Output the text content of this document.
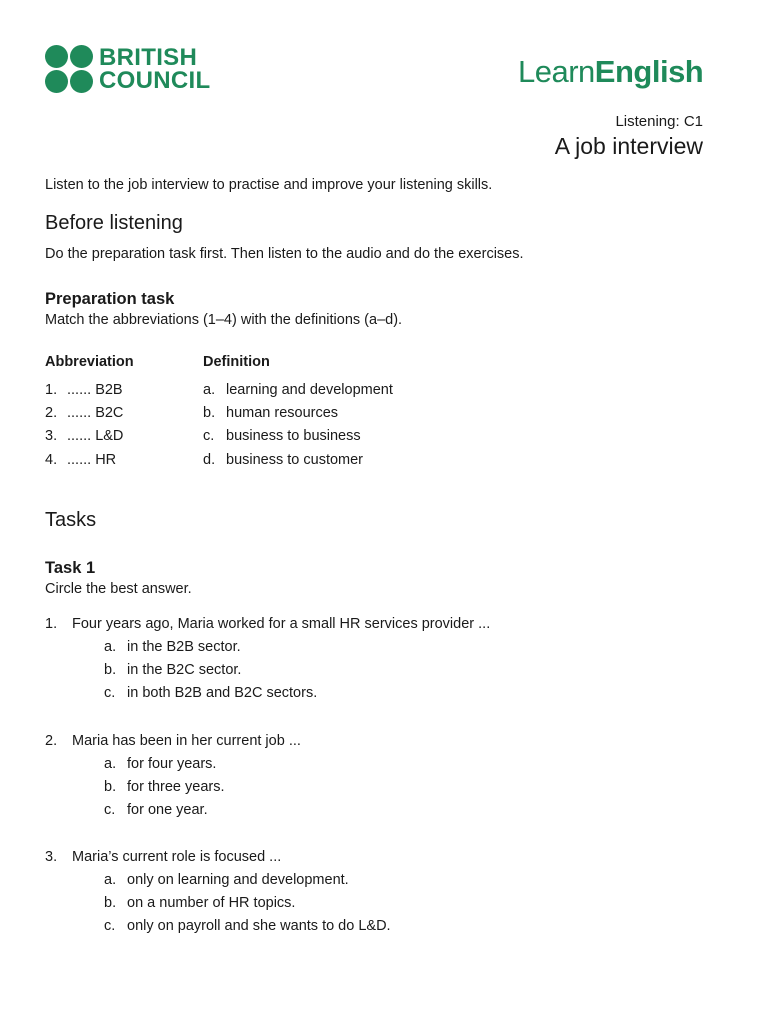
BRITISH
COUNCIL	LearnEnglish
Listening: C1
A job interview
Listen to the job interview to practise and improve your listening skills.
Before listening
Do the preparation task first. Then listen to the audio and do the exercises.
Preparation task
Match the abbreviations (1–4) with the definitions (a–d).
Abbreviation	Definition
1. ...... B2B
2. ...... B2C
3. ...... L&D
4. ...... HR
a. learning and development
b. human resources
c. business to business
d. business to customer
Tasks
Task 1
Circle the best answer.
1. Four years ago, Maria worked for a small HR services provider ...
a. in the B2B sector.
b. in the B2C sector.
c. in both B2B and B2C sectors.
2. Maria has been in her current job ...
a. for four years.
b. for three years.
c. for one year.
3. Maria’s current role is focused ...
a. only on learning and development.
b. on a number of HR topics.
c. only on payroll and she wants to do L&D.
